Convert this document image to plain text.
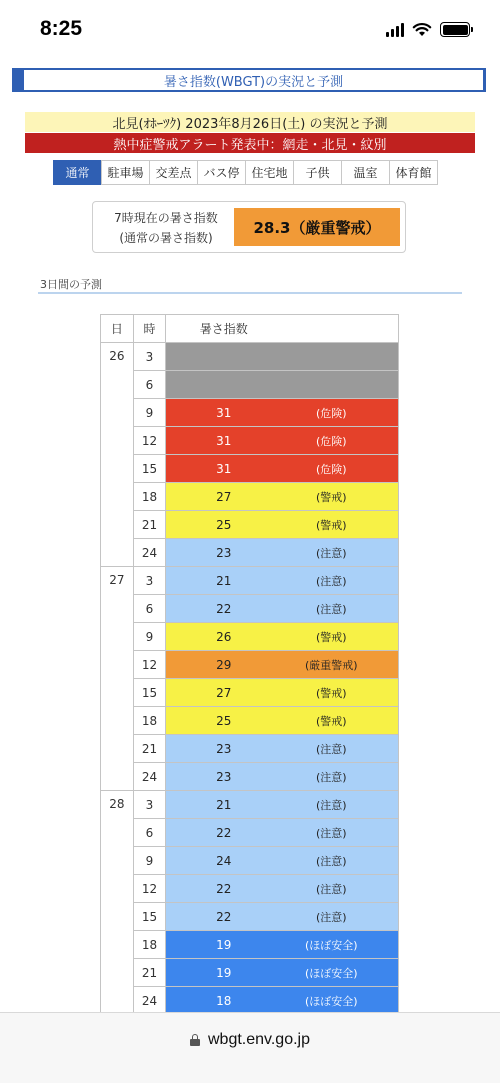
8:25
暑さ指数(WBGT)の実況と予測
北見(ｵﾎｰﾂｸ) 2023年8月26日(土) の実況と予測
熱中症警戒アラート発表中：網走・北見・紋別
通常	駐車場 交差点 バス停 住宅地	子供	温室	体育館
7時現在の暑さ指数
(通常の暑さ指数)
28.3（厳重警戒）
3日間の予測
日	時	暑さ指数

26	3	

	6	

	9	31 (危険)

	12	31 (危険)

	15	31 (危険)

	18	27 (警戒)

	21	25 (警戒)

	24	23 (注意)

27	3	21 (注意)

	6	22 (注意)

	9	26 (警戒)

	12	29 (厳重警戒)

	15	27 (警戒)

	18	25 (警戒)

	21	23 (注意)

	24	23 (注意)

28	3	21 (注意)

	6	22 (注意)

	9	24 (注意)

	12	22 (注意)

	15	22 (注意)

	18	19 (ほぼ安全)

	21	19 (ほぼ安全)

	24	18 (ほぼ安全)
wbgt.env.go.jp
